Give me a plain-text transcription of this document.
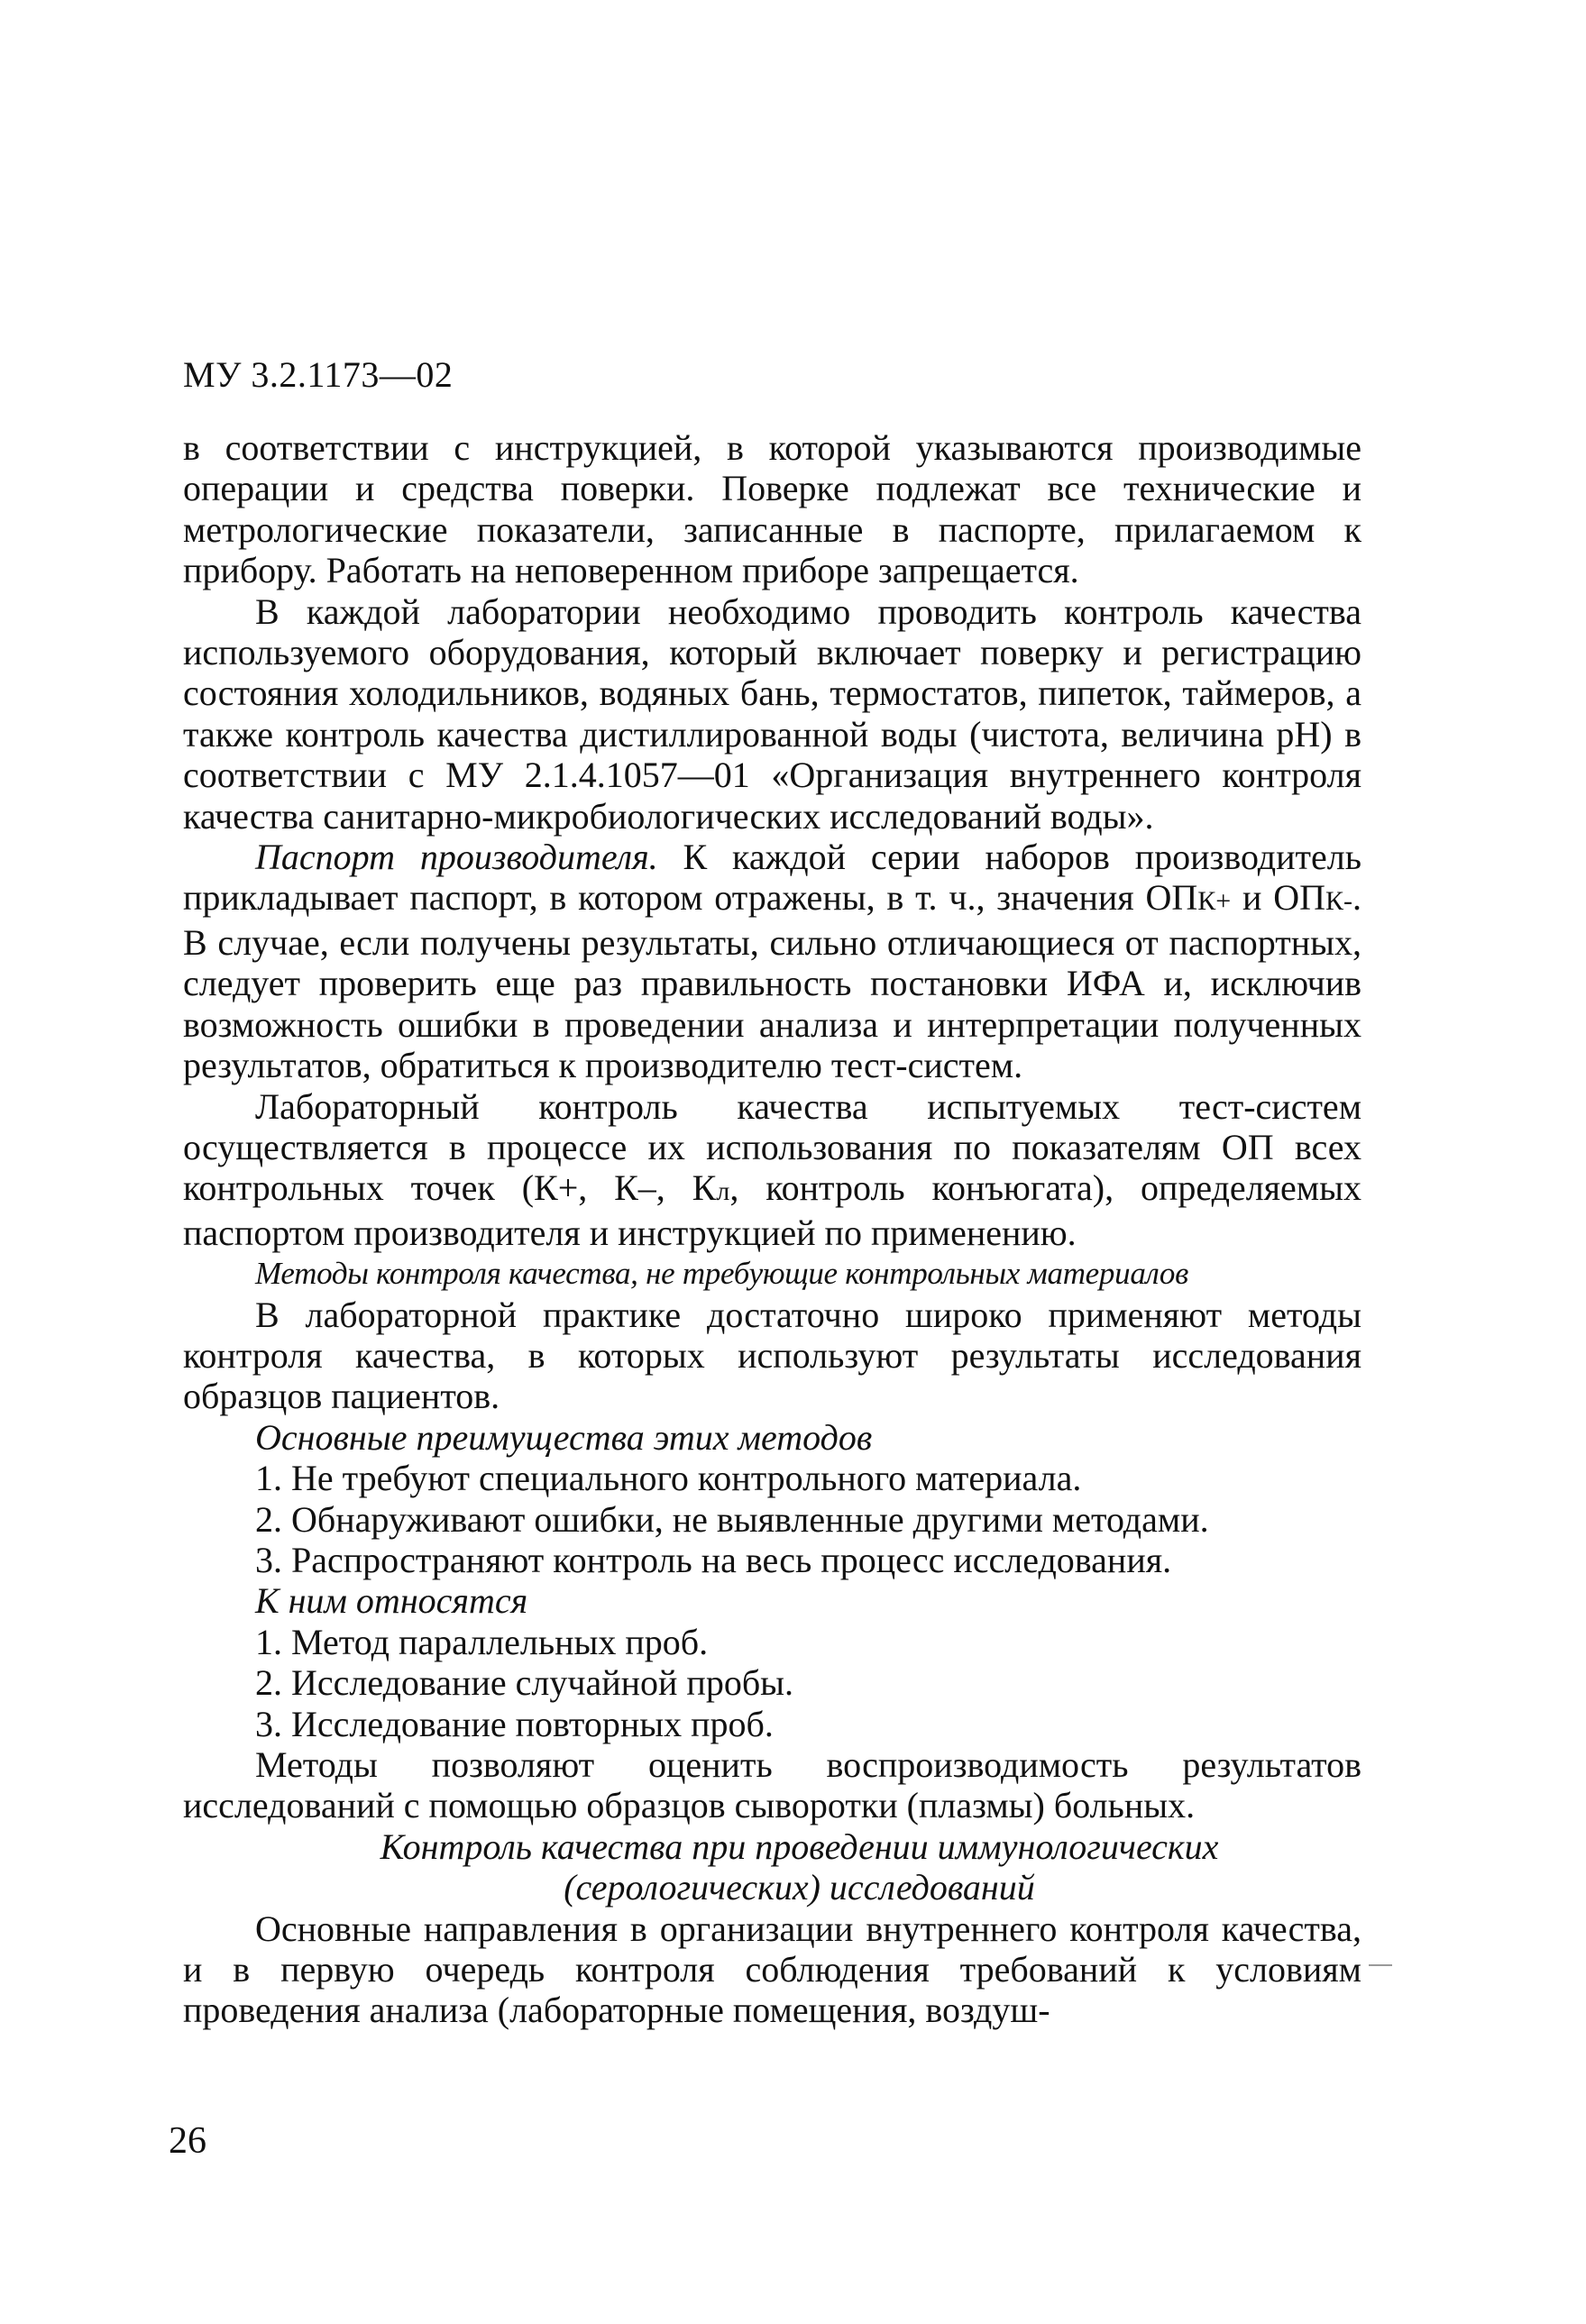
МУ 3.2.1173—02

в соответствии с инструкцией, в которой указываются производимые операции и средства поверки. Поверке подлежат все технические и метрологические показатели, записанные в паспорте, прилагаемом к прибору. Работать на неповеренном приборе запрещается.

В каждой лаборатории необходимо проводить контроль качества используемого оборудования, который включает поверку и регистрацию состояния холодильников, водяных бань, термостатов, пипеток, таймеров, а также контроль качества дистиллированной воды (чистота, величина pH) в соответствии с МУ 2.1.4.1057—01 «Организация внутреннего контроля качества санитарно-микробиологических исследований воды».

Паспорт производителя. К каждой серии наборов производитель прикладывает паспорт, в котором отражены, в т. ч., значения ОПК+ и ОПК-. В случае, если получены результаты, сильно отличающиеся от паспортных, следует проверить еще раз правильность постановки ИФА и, исключив возможность ошибки в проведении анализа и интерпретации полученных результатов, обратиться к производителю тест-систем.

Лабораторный контроль качества испытуемых тест-систем осуществляется в процессе их использования по показателям ОП всех контрольных точек (К+, К–, Кл, контроль конъюгата), определяемых паспортом производителя и инструкцией по применению.

Методы контроля качества, не требующие контрольных материалов

В лабораторной практике достаточно широко применяют методы контроля качества, в которых используют результаты исследования образцов пациентов.

Основные преимущества этих методов

1. Не требуют специального контрольного материала.

2. Обнаруживают ошибки, не выявленные другими методами.

3. Распространяют контроль на весь процесс исследования.

К ним относятся

1. Метод параллельных проб.

2. Исследование случайной пробы.

3. Исследование повторных проб.

Методы позволяют оценить воспроизводимость результатов исследований с помощью образцов сыворотки (плазмы) больных.

Контроль качества при проведении иммунологических

(серологических) исследований

Основные направления в организации внутреннего контроля качества, и в первую очередь контроля соблюдения требований к условиям проведения анализа (лабораторные помещения, воздуш-

26
